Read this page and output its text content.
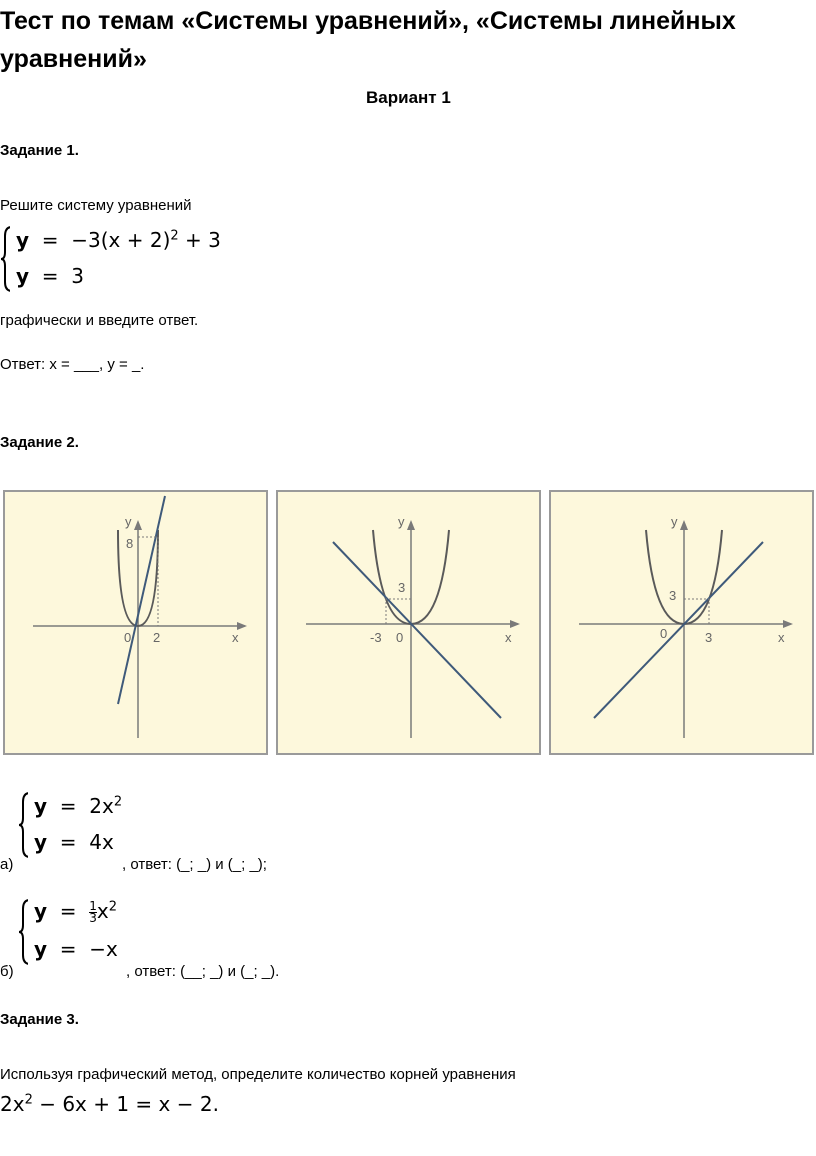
Тест по темам «Системы уравнений», «Системы линейных уравнений»
Вариант 1
Задание 1.
Решите систему уравнений
$y = -3(x + 2)^2 + 3$
y  =  3
графически и введите ответ.
Ответ: х = ___, у = _.
Задание 2.
y
x
0 2
8
y
x
0
-3
3
y
x
0	3
3
а)
$y = 2x^2$
y  =  4x
, ответ: (_; _) и (_; _);
б)
$y = \frac{1}{3} x^2$
y  =  −x
, ответ: (__; _) и (_; _).
Задание 3.
Используя графический метод, определите количество корней уравнения
$2x^2 - 6x + 1 = x - 2$.
